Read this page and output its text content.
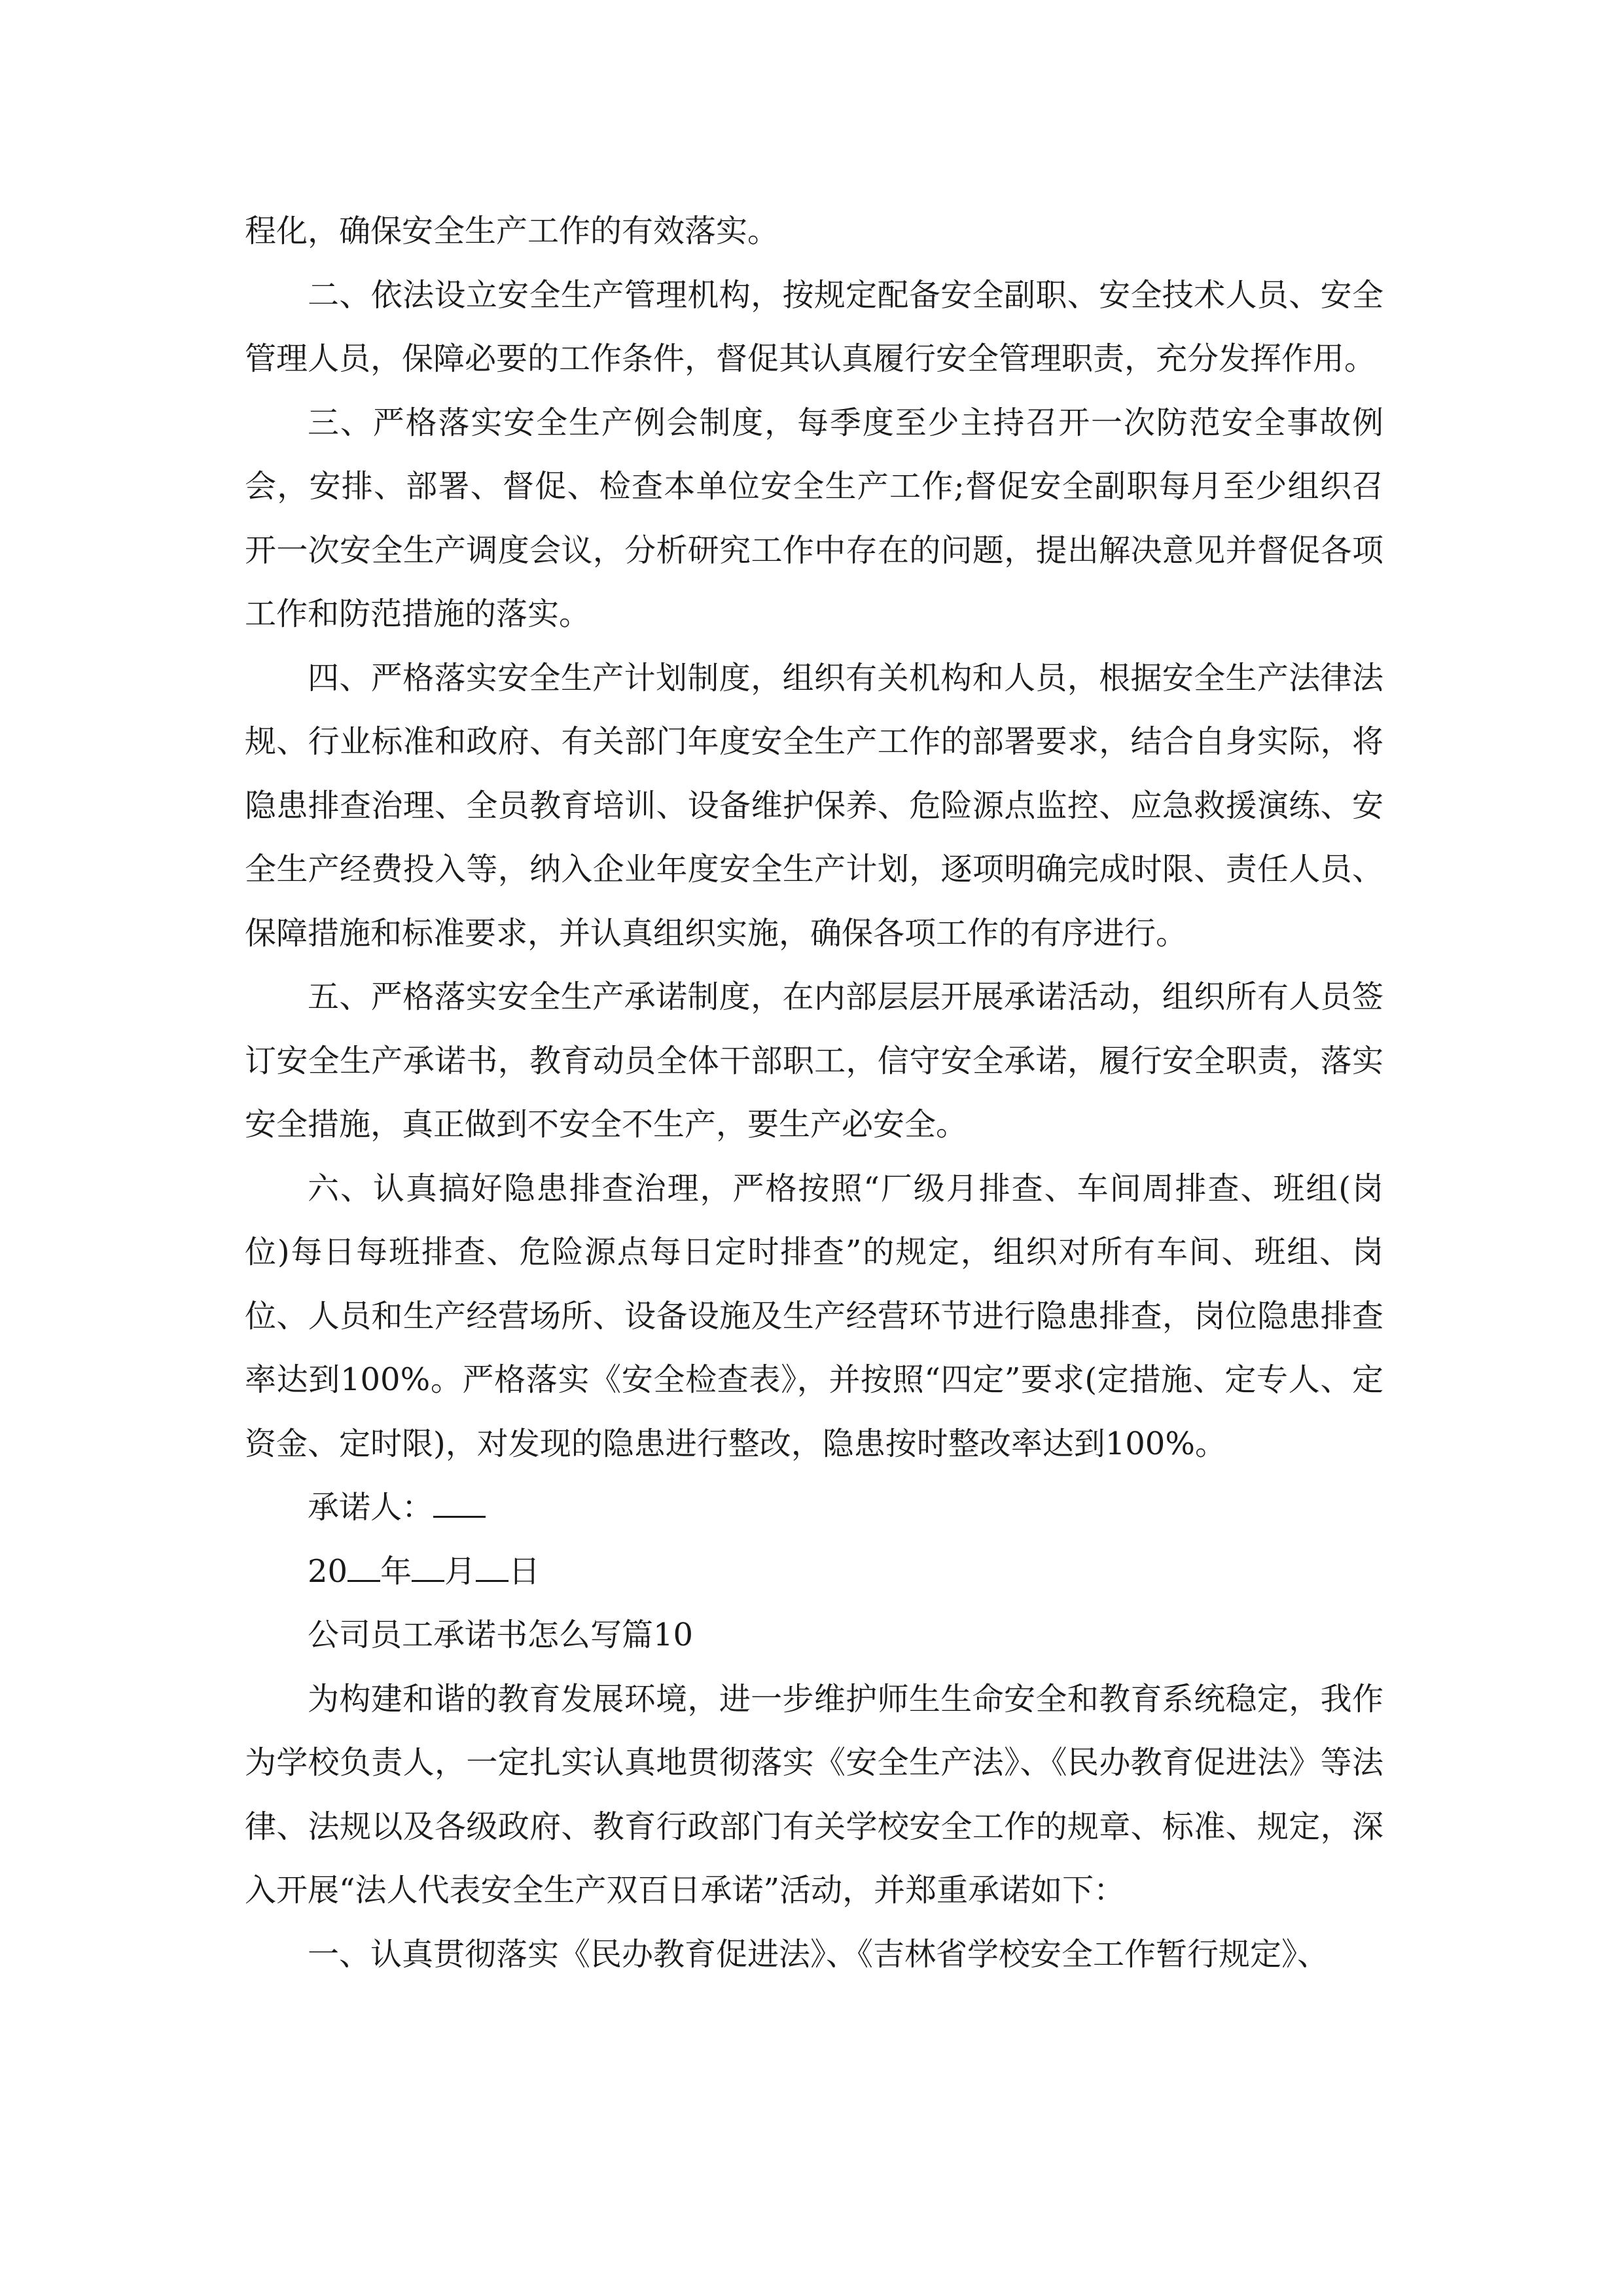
程化，确保安全生产工作的有效落实。

二、依法设立安全生产管理机构，按规定配备安全副职、安全技术人员、安全管理人员，保障必要的工作条件，督促其认真履行安全管理职责，充分发挥作用。

三、严格落实安全生产例会制度，每季度至少主持召开一次防范安全事故例会，安排、部署、督促、检查本单位安全生产工作;督促安全副职每月至少组织召开一次安全生产调度会议，分析研究工作中存在的问题，提出解决意见并督促各项工作和防范措施的落实。

四、严格落实安全生产计划制度，组织有关机构和人员，根据安全生产法律法规、行业标准和政府、有关部门年度安全生产工作的部署要求，结合自身实际，将隐患排查治理、全员教育培训、设备维护保养、危险源点监控、应急救援演练、安全生产经费投入等，纳入企业年度安全生产计划，逐项明确完成时限、责任人员、保障措施和标准要求，并认真组织实施，确保各项工作的有序进行。

五、严格落实安全生产承诺制度，在内部层层开展承诺活动，组织所有人员签订安全生产承诺书，教育动员全体干部职工，信守安全承诺，履行安全职责，落实安全措施，真正做到不安全不生产，要生产必安全。

六、认真搞好隐患排查治理，严格按照“厂级月排查、车间周排查、班组(岗位)每日每班排查、危险源点每日定时排查”的规定，组织对所有车间、班组、岗位、人员和生产经营场所、设备设施及生产经营环节进行隐患排查，岗位隐患排查率达到100%。严格落实《安全检查表》，并按照“四定”要求(定措施、定专人、定资金、定时限)，对发现的隐患进行整改，隐患按时整改率达到100%。

承诺人：

20 年 月 日

公司员工承诺书怎么写篇10

为构建和谐的教育发展环境，进一步维护师生生命安全和教育系统稳定，我作为学校负责人，一定扎实认真地贯彻落实《安全生产法》、《民办教育促进法》等法律、法规以及各级政府、教育行政部门有关学校安全工作的规章、标准、规定，深入开展“法人代表安全生产双百日承诺”活动，并郑重承诺如下：

一、认真贯彻落实《民办教育促进法》、《吉林省学校安全工作暂行规定》、
